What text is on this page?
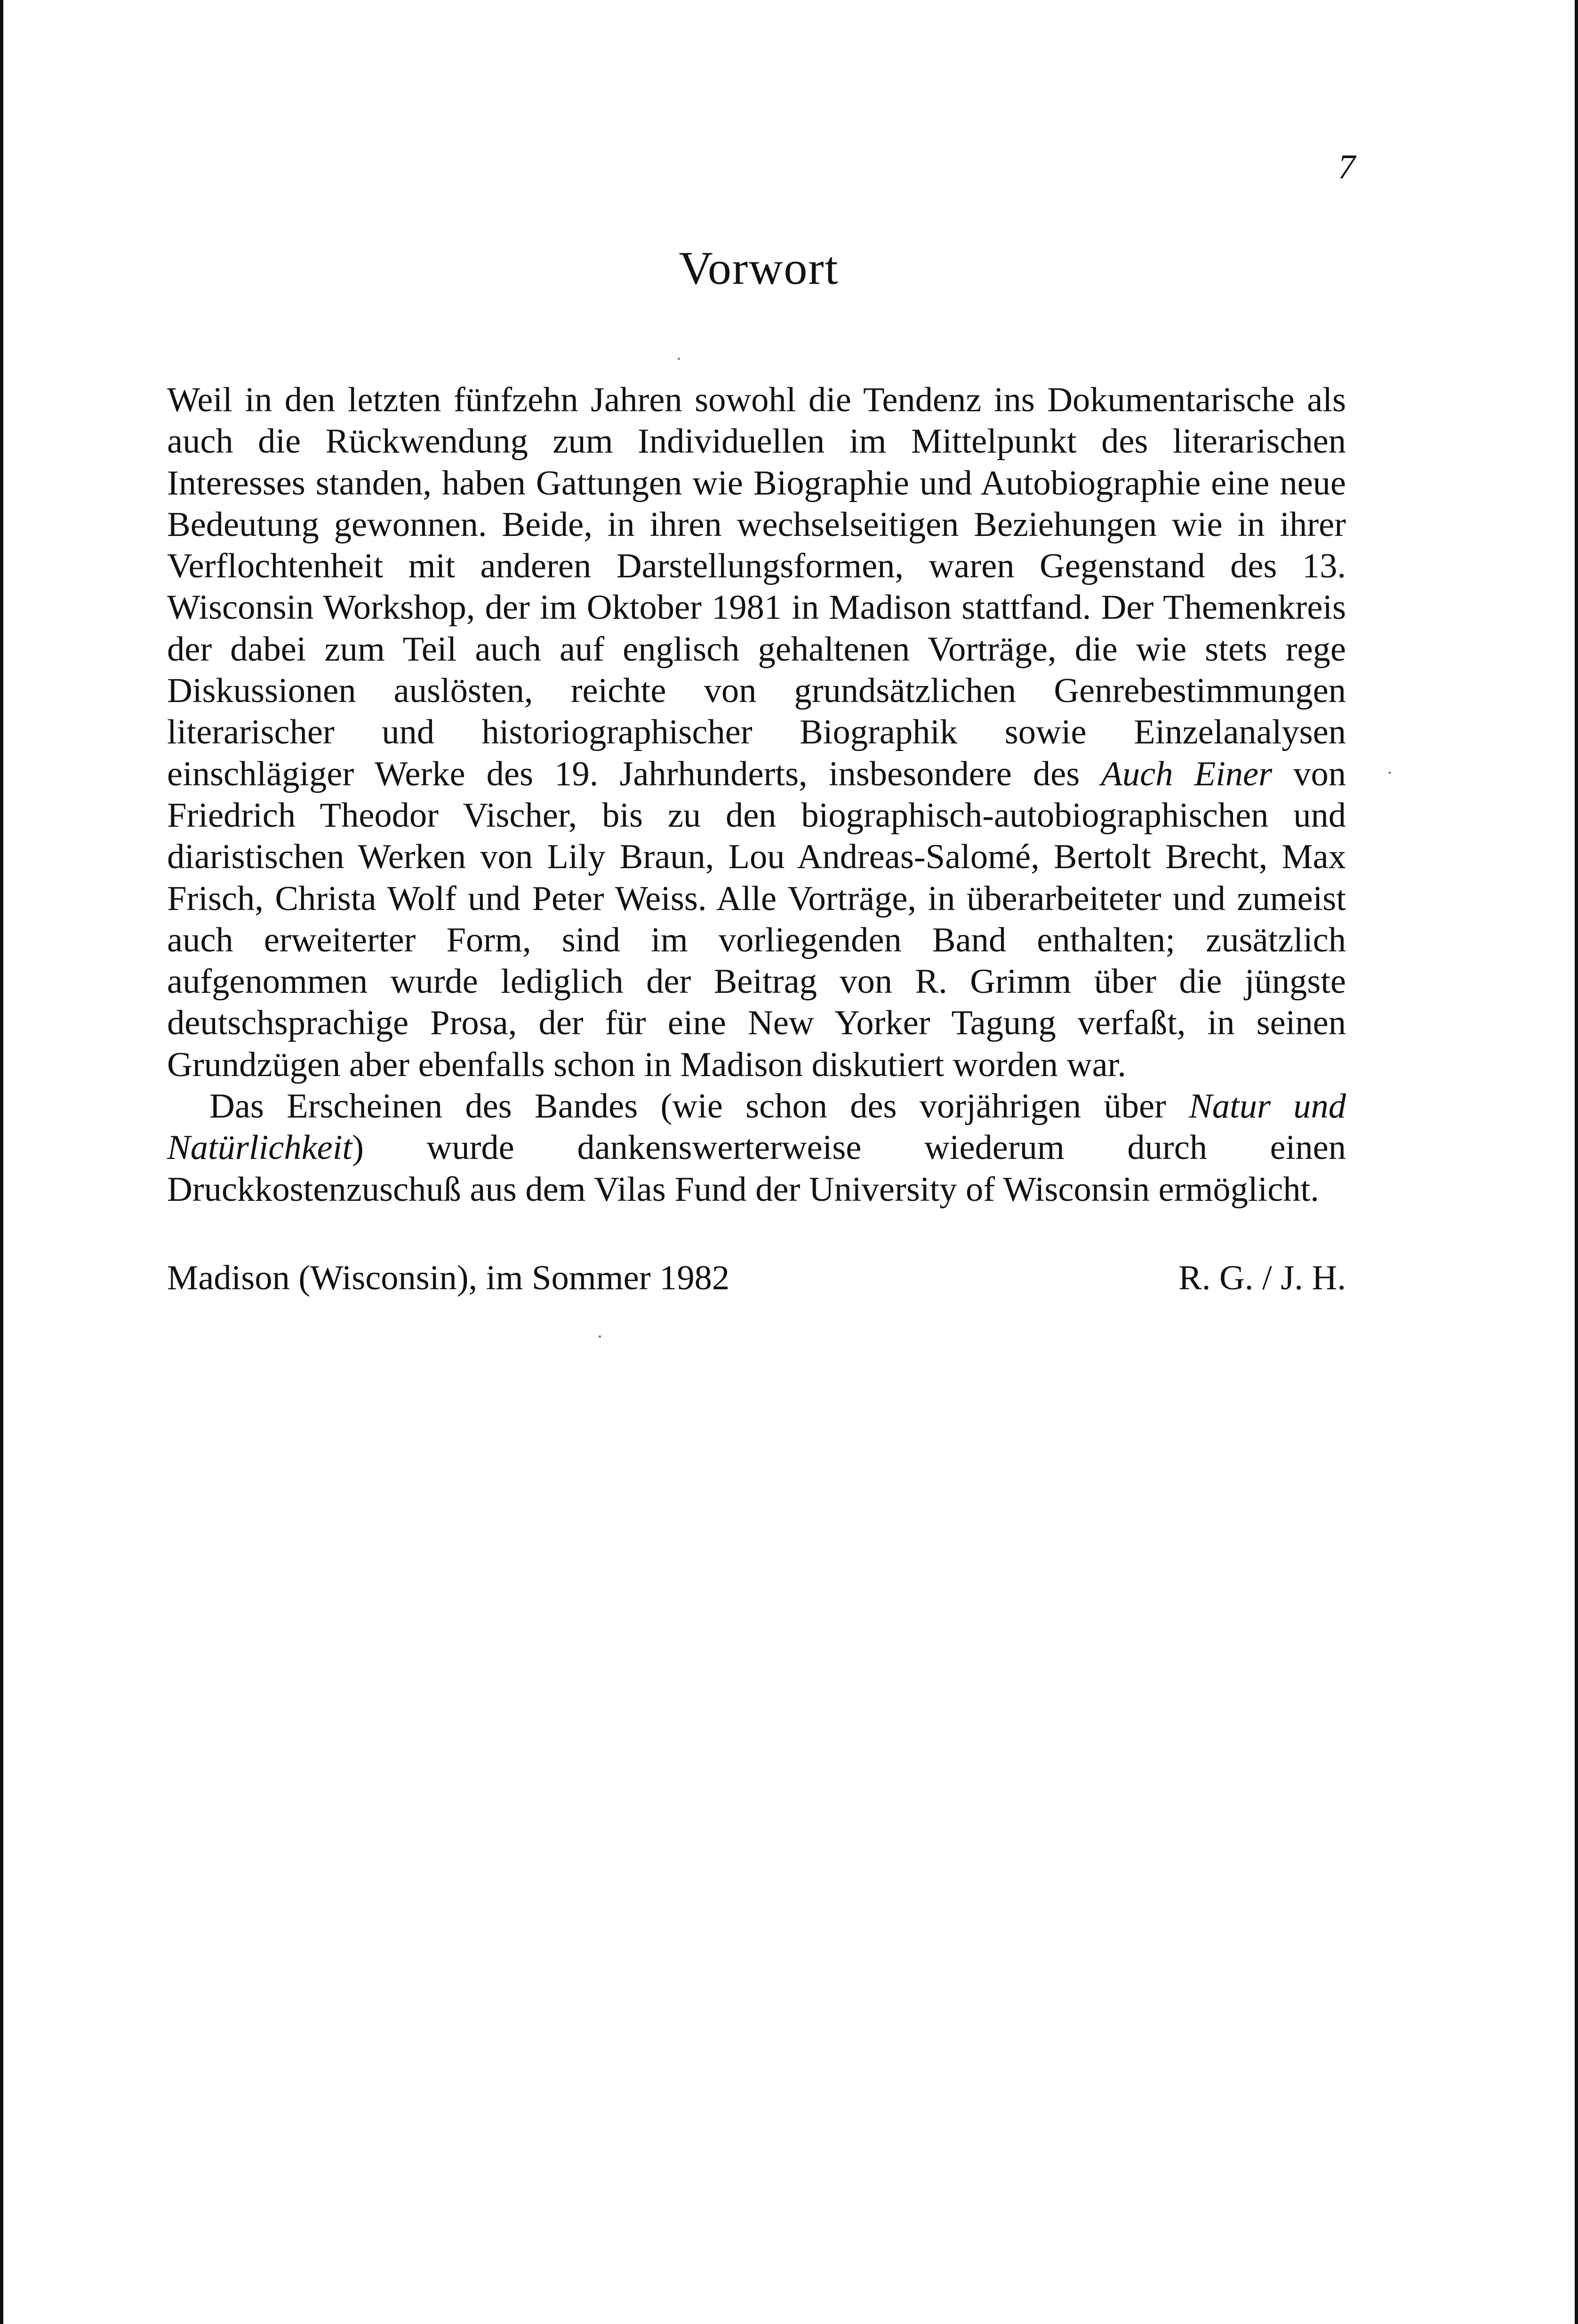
7
Vorwort

Weil in den letzten fünfzehn Jahren sowohl die Tendenz ins Dokumentarische als auch die Rückwendung zum Individuellen im Mittelpunkt des literarischen Interesses standen, haben Gattungen wie Biographie und Autobiographie eine neue Bedeutung gewonnen. Beide, in ihren wechselseitigen Beziehungen wie in ihrer Verflochtenheit mit anderen Darstellungsformen, waren Gegenstand des 13. Wisconsin Workshop, der im Oktober 1981 in Madison stattfand. Der Themenkreis der dabei zum Teil auch auf englisch gehaltenen Vorträge, die wie stets rege Diskussionen auslösten, reichte von grundsätzlichen Genrebestimmungen literarischer und historiographischer Biographik sowie Einzelanalysen einschlägiger Werke des 19. Jahrhunderts, insbesondere des Auch Einer von Friedrich Theodor Vischer, bis zu den biographisch-autobiographischen und diaristischen Werken von Lily Braun, Lou Andreas-Salomé, Bertolt Brecht, Max Frisch, Christa Wolf und Peter Weiss. Alle Vorträge, in überarbeiteter und zumeist auch erweiterter Form, sind im vorliegenden Band enthalten; zusätzlich aufgenommen wurde lediglich der Beitrag von R. Grimm über die jüngste deutschsprachige Prosa, der für eine New Yorker Tagung verfaßt, in seinen Grundzügen aber ebenfalls schon in Madison diskutiert worden war.

Das Erscheinen des Bandes (wie schon des vorjährigen über Natur und Natürlichkeit) wurde dankenswerterweise wiederum durch einen Druckkostenzuschuß aus dem Vilas Fund der University of Wisconsin ermöglicht.

Madison (Wisconsin), im Sommer 1982	R. G. / J. H.
